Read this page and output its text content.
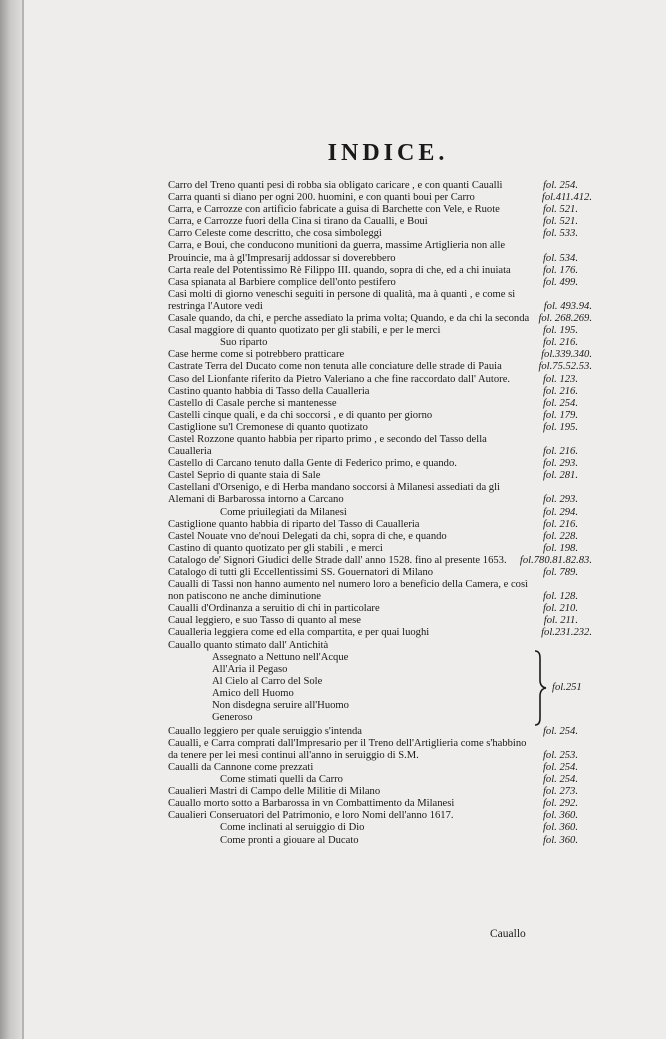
INDICE.
Carro del Treno quanti pesi di robba sia obligato caricare , e con quanti Caualli	fol. 254.
Carra quanti si diano per ogni 200. huomini, e con quanti boui per Carro	fol.411.412.
Carra, e Carrozze con artificio fabricate a guisa di Barchette con Vele, e Ruote	fol. 521.
Carra, e Carrozze fuori della Cina si tirano da Caualli, e Boui	fol. 521.
Carro Celeste come descritto, che cosa simboleggi	fol. 533.
Carra, e Boui, che conducono munitioni da guerra, massime Artiglieria non alle Prouincie, ma à gl'Impresarij addossar si doverebbero	fol. 534.
Carta reale del Potentissimo Rè Filippo III. quando, sopra di che, ed a chi inuiata	fol. 176.
Casa spianata al Barbiere complice dell'onto pestifero	fol. 499.
Casi molti di giorno veneschi seguiti in persone di qualità, ma à quanti , e come si restringa l'Autore vedi	fol. 493.94.
Casale quando, da chi, e perche assediato la prima volta; Quando, e da chi la seconda fol. 268.269.
Casal maggiore di quanto quotizato per gli stabili, e per le merci	fol. 195.
Suo riparto	fol. 216.
Case herme come si potrebbero pratticare	fol.339.340.
Castrate Terra del Ducato come non tenuta alle conciature delle strade di Pauia	fol.75.52.53.
Caso del Lionfante riferito da Pietro Valeriano a che fine raccordato dall' Autore.	fol. 123.
Castino quanto habbia di Tasso della Caualleria	fol. 216.
Castello di Casale perche si mantenesse	fol. 254.
Castelli cinque quali, e da chi soccorsi , e di quanto per giorno	fol. 179.
Castiglione su'l Cremonese di quanto quotizato	fol. 195.
Castel Rozzone quanto habbia per riparto primo , e secondo del Tasso della Caualleria	fol. 216.
Castello di Carcano tenuto dalla Gente di Federico primo, e quando.	fol. 293.
Castel Seprio di quante staia di Sale	fol. 281.
Castellani d'Orsenigo, e di Herba mandano soccorsi à Milanesi assediati da gli Alemani di Barbarossa intorno a Carcano	fol. 293.
Come priuilegiati da Milanesi	fol. 294.
Castiglione quanto habbia di riparto del Tasso di Caualleria	fol. 216.
Castel Nouate vno de'noui Delegati da chi, sopra di che, e quando	fol. 228.
Castino di quanto quotizato per gli stabili , e merci	fol. 198.
Catalogo de' Signori Giudici delle Strade dall' anno 1528. fino al presente 1653. fol.780.81.82.83.
Catalogo di tutti gli Eccellentissimi SS. Gouernatori di Milano	fol. 789.
Caualli di Tassi non hanno aumento nel numero loro a beneficio della Camera, e così non patiscono ne anche diminutione	fol. 128.
Caualli d'Ordinanza a seruitio di chi in particolare	fol. 210.
Caual leggiero, e suo Tasso di quanto al mese	fol. 211.
Caualleria leggiera come ed ella compartita, e per quai luoghi	fol.231.232.
Cauallo quanto stimato dall' Antichità
Assegnato a Nettuno nell'Acque
All'Aria il Pegaso
Al Cielo al Carro del Sole
Amico dell Huomo
Non disdegna seruire all'Huomo
Generoso
fol.251
Cauallo leggiero per quale seruiggio s'intenda	fol. 254.
Caualli, e Carra comprati dall'Impresario per il Treno dell'Artiglieria come s'habbino da tenere per lei mesi continui all'anno in seruiggio di S.M.	fol. 253.
Caualli da Cannone come prezzati	fol. 254.
Come stimati quelli da Carro	fol. 254.
Caualieri Mastri di Campo delle Militie di Milano	fol. 273.
Cauallo morto sotto a Barbarossa in vn Combattimento da Milanesi	fol. 292.
Caualieri Conseruatori del Patrimonio, e loro Nomi dell'anno 1617.	fol. 360.
Come inclinati al seruiggio di Dio	fol. 360.
Come pronti a giouare al Ducato	fol. 360.
Cauallo
